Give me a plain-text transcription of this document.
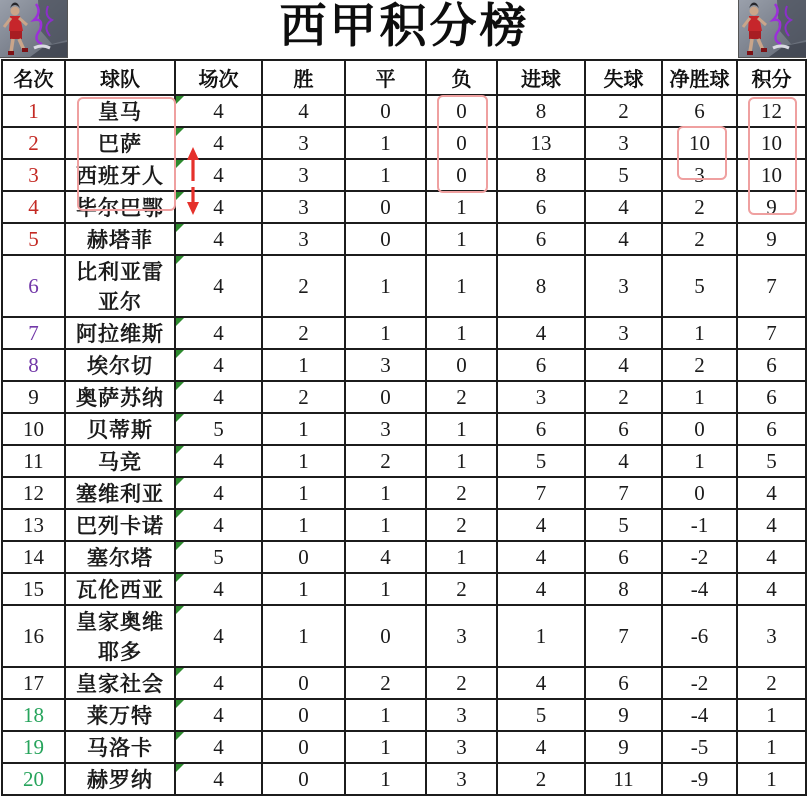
西甲积分榜
名次	球队	场次	胜	平	负	进球	失球	净胜球	积分
1	皇马	4	4	0	0	8	2	6	12
2	巴萨	4	3	1	0	13	3	10	10
3	西班牙人	4	3	1	0	8	5	3	10
4	毕尔巴鄂	4	3	0	1	6	4	2	9
5	赫塔菲	4	3	0	1	6	4	2	9
6	比利亚雷亚尔	4	2	1	1	8	3	5	7
7	阿拉维斯	4	2	1	1	4	3	1	7
8	埃尔切	4	1	3	0	6	4	2	6
9	奥萨苏纳	4	2	0	2	3	2	1	6
10	贝蒂斯	5	1	3	1	6	6	0	6
11	马竞	4	1	2	1	5	4	1	5
12	塞维利亚	4	1	1	2	7	7	0	4
13	巴列卡诺	4	1	1	2	4	5	-1	4
14	塞尔塔	5	0	4	1	4	6	-2	4
15	瓦伦西亚	4	1	1	2	4	8	-4	4
16	皇家奥维耶多	4	1	0	3	1	7	-6	3
17	皇家社会	4	0	2	2	4	6	-2	2
18	莱万特	4	0	1	3	5	9	-4	1
19	马洛卡	4	0	1	3	4	9	-5	1
20	赫罗纳	4	0	1	3	2	11	-9	1
